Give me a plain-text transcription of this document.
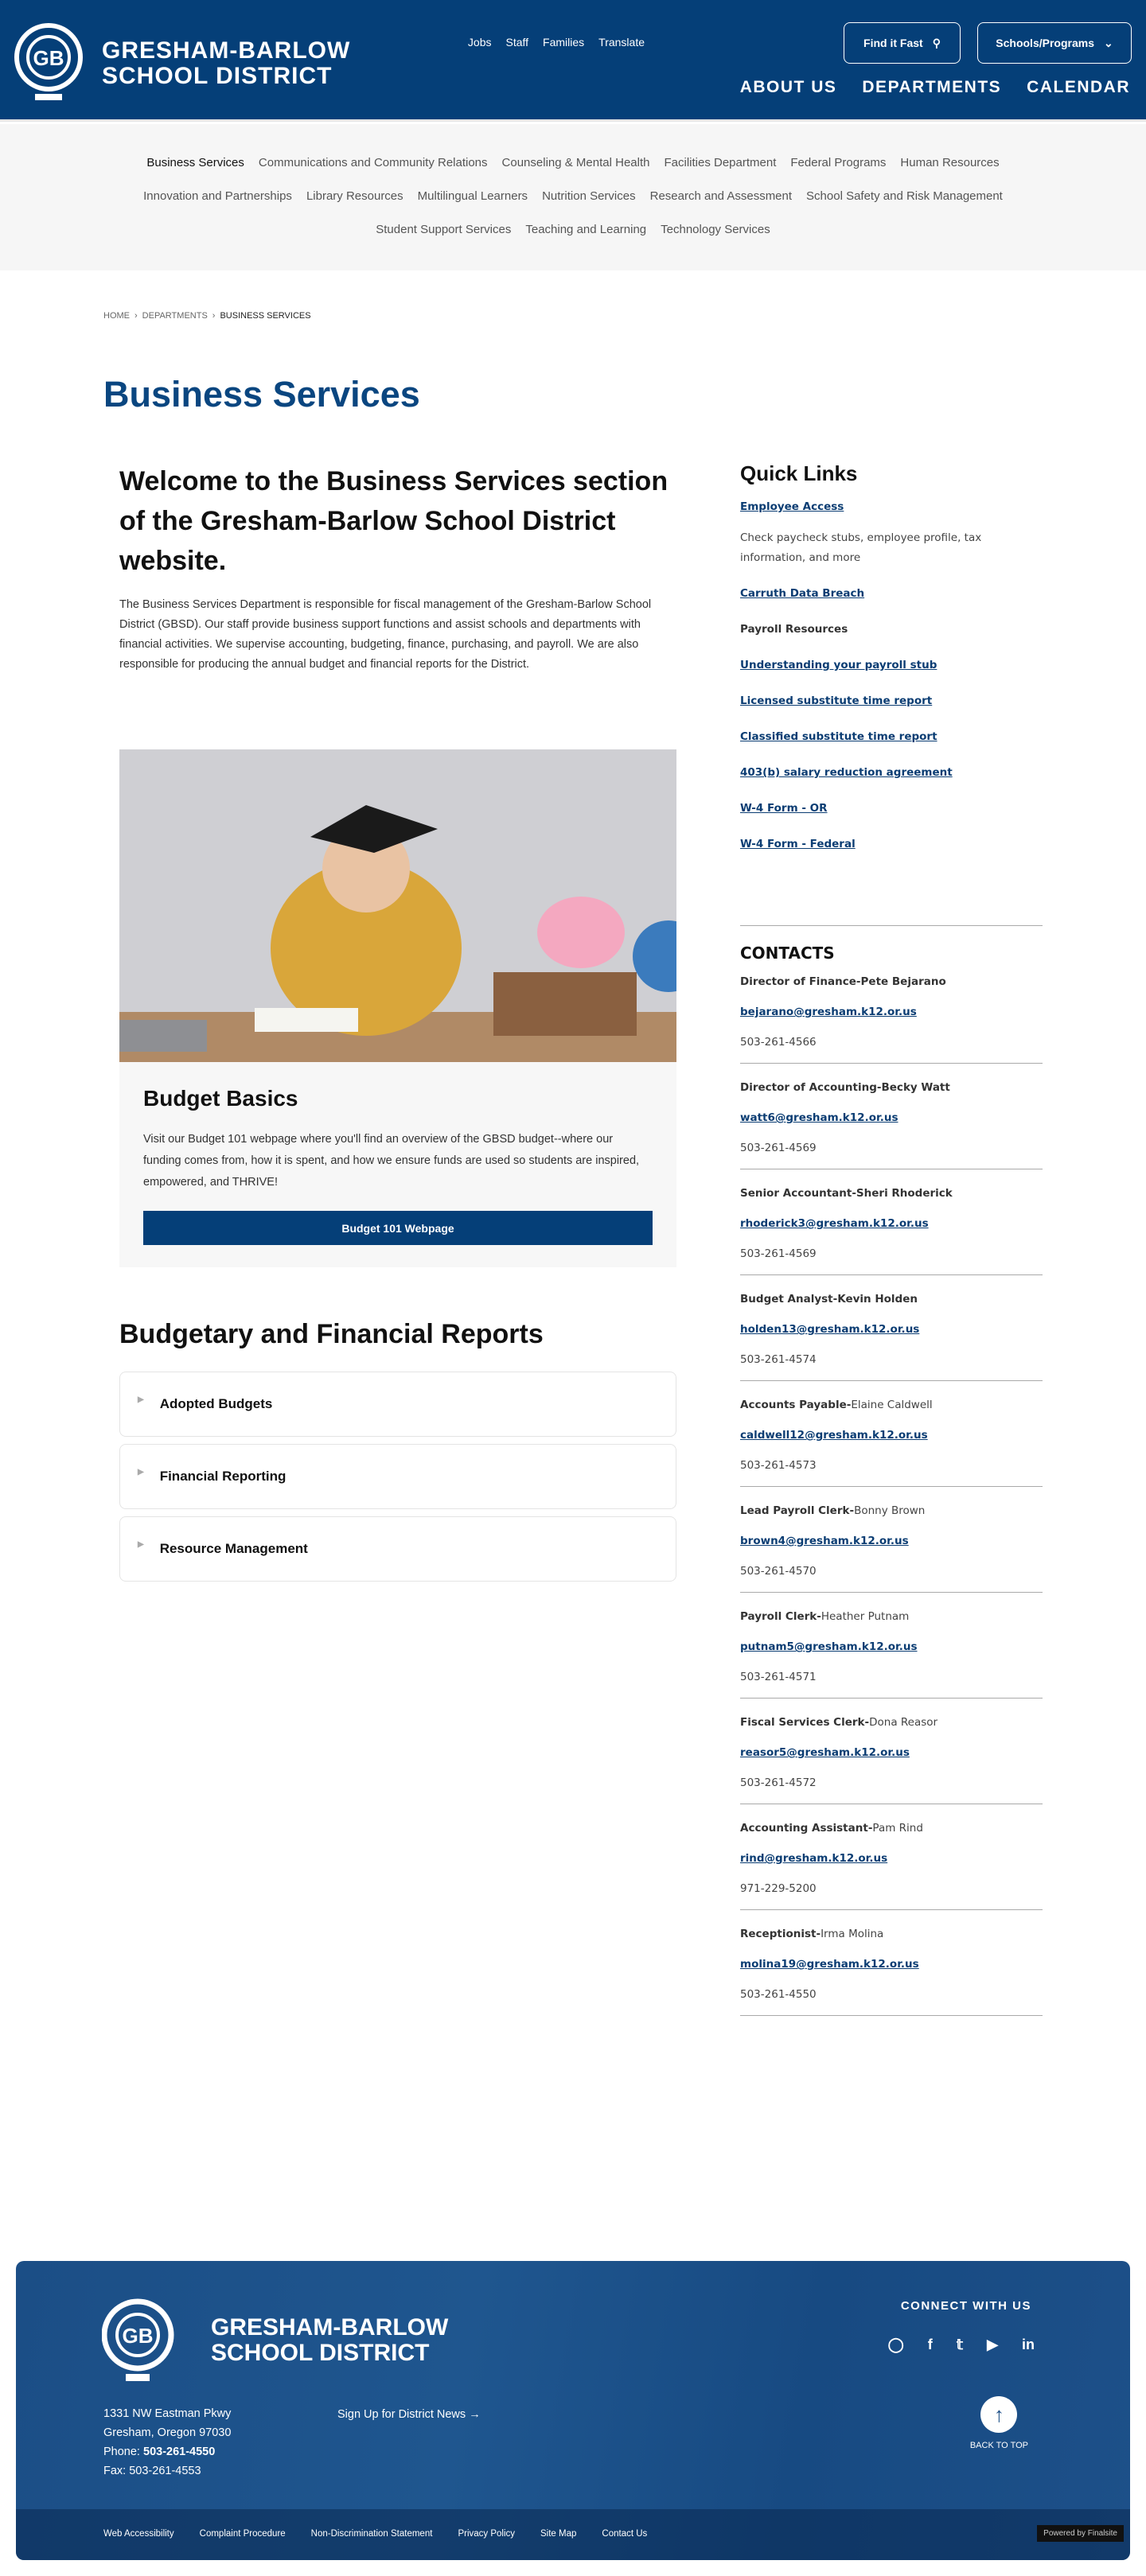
GB GRESHAM-BARLOW
SCHOOL DISTRICT
Jobs Staff Families Translate	Find it Fast ⚲	Schools/Programs ⌄
ABOUT US DEPARTMENTS CALENDAR
Business Services Communications and Community Relations Counseling & Mental Health Facilities Department Federal Programs Human Resources
Innovation and Partnerships Library Resources Multilingual Learners Nutrition Services Research and Assessment School Safety and Risk Management
Student Support Services Teaching and Learning Technology Services
HOME › DEPARTMENTS › BUSINESS SERVICES
Business Services
Welcome to the Business Services section of the Gresham-Barlow School District website.

The Business Services Department is responsible for fiscal management of the Gresham-Barlow School District (GBSD). Our staff provide business support functions and assist schools and departments with financial activities. We supervise accounting, budgeting, finance, purchasing, and payroll. We are also responsible for producing the annual budget and financial reports for the District.

Budget Basics

Visit our Budget 101 webpage where you'll find an overview of the GBSD budget--where our funding comes from, how it is spent, and how we ensure funds are used so students are inspired, empowered, and THRIVE!

Budget 101 Webpage
Budgetary and Financial Reports
▶ Adopted Budgets
▶ Financial Reporting
▶ Resource Management
Quick Links
Employee Access
Check paycheck stubs, employee profile, tax information, and more
Carruth Data Breach
Payroll Resources
Understanding your payroll stub
Licensed substitute time report
Classified substitute time report
403(b) salary reduction agreement
W-4 Form - OR
W-4 Form - Federal
CONTACTS
Director of Finance-Pete Bejarano
bejarano@gresham.k12.or.us
503-261-4566
Director of Accounting-Becky Watt
watt6@gresham.k12.or.us
503-261-4569
Senior Accountant-Sheri Rhoderick
rhoderick3@gresham.k12.or.us
503-261-4569
Budget Analyst-Kevin Holden
holden13@gresham.k12.or.us
503-261-4574
Accounts Payable-Elaine Caldwell
caldwell12@gresham.k12.or.us
503-261-4573
Lead Payroll Clerk-Bonny Brown
brown4@gresham.k12.or.us
503-261-4570
Payroll Clerk-Heather Putnam
putnam5@gresham.k12.or.us
503-261-4571
Fiscal Services Clerk-Dona Reasor
reasor5@gresham.k12.or.us
503-261-4572
Accounting Assistant-Pam Rind
rind@gresham.k12.or.us
971-229-5200
Receptionist-Irma Molina
molina19@gresham.k12.or.us
503-261-4550
GB GRESHAM-BARLOW
SCHOOL DISTRICT
1331 NW Eastman Pkwy
Gresham, Oregon 97030
Phone: 503-261-4550
Fax: 503-261-4553
Sign Up for District News →
CONNECT WITH US
◯ f 𝕥 ▶ in
↑
BACK TO TOP
Web Accessibility	Complaint Procedure	Non-Discrimination Statement	Privacy Policy	Site Map	Contact Us	Powered by Finalsite
